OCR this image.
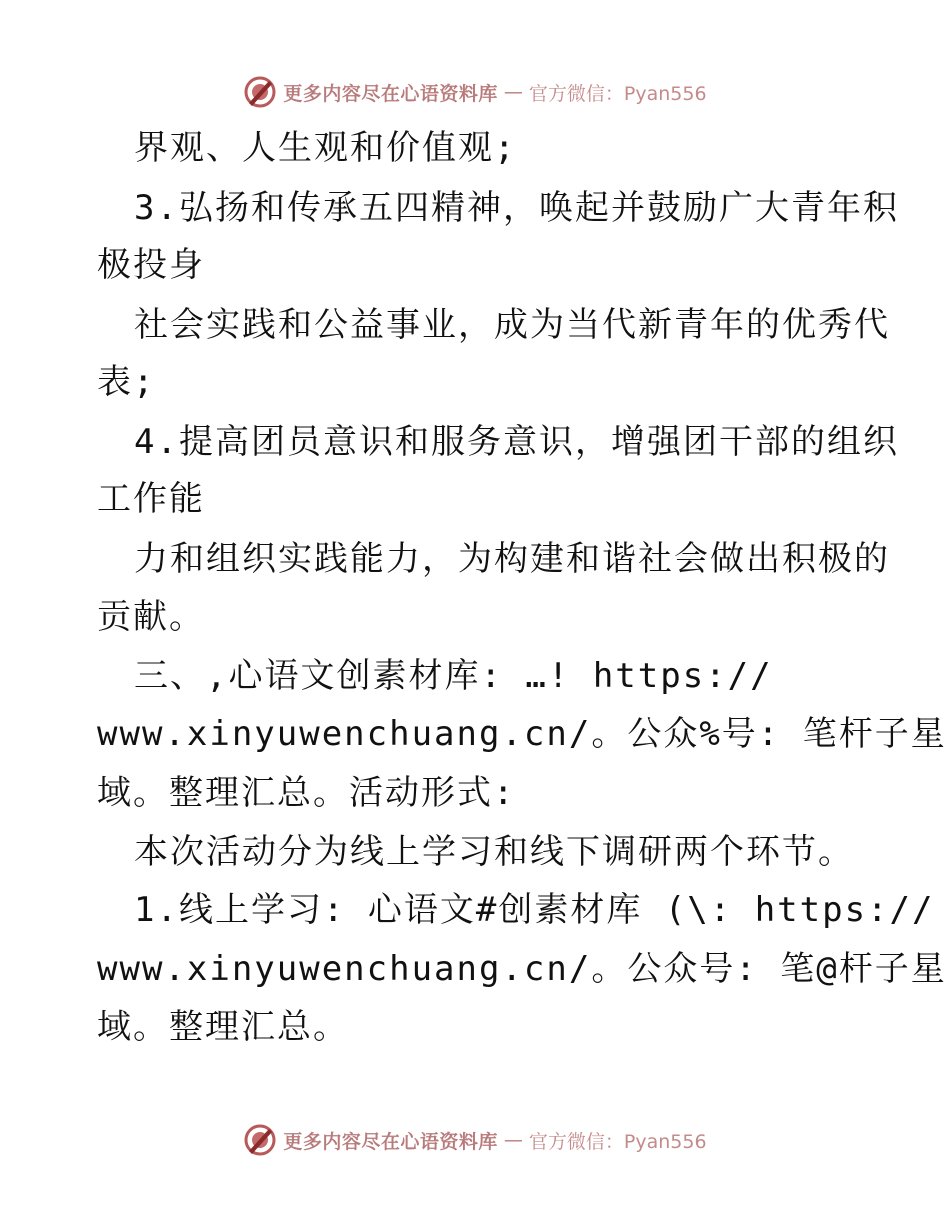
更多内容尽在心语资料库 — 官方微信：Pyan556
界观、人生观和价值观;
3.弘扬和传承五四精神，唤起并鼓励广大青年积
极投身
社会实践和公益事业，成为当代新青年的优秀代
表;
4.提高团员意识和服务意识，增强团干部的组织
工作能
力和组织实践能力，为构建和谐社会做出积极的
贡献。
三、,心语文创素材库: …! https://
www.xinyuwenchuang.cn/。公众%号: 笔杆子星
域。整理汇总。活动形式:
本次活动分为线上学习和线下调研两个环节。
1.线上学习: 心语文#创素材库 (\: https://
www.xinyuwenchuang.cn/。公众号: 笔@杆子星
域。整理汇总。
更多内容尽在心语资料库 — 官方微信：Pyan556
